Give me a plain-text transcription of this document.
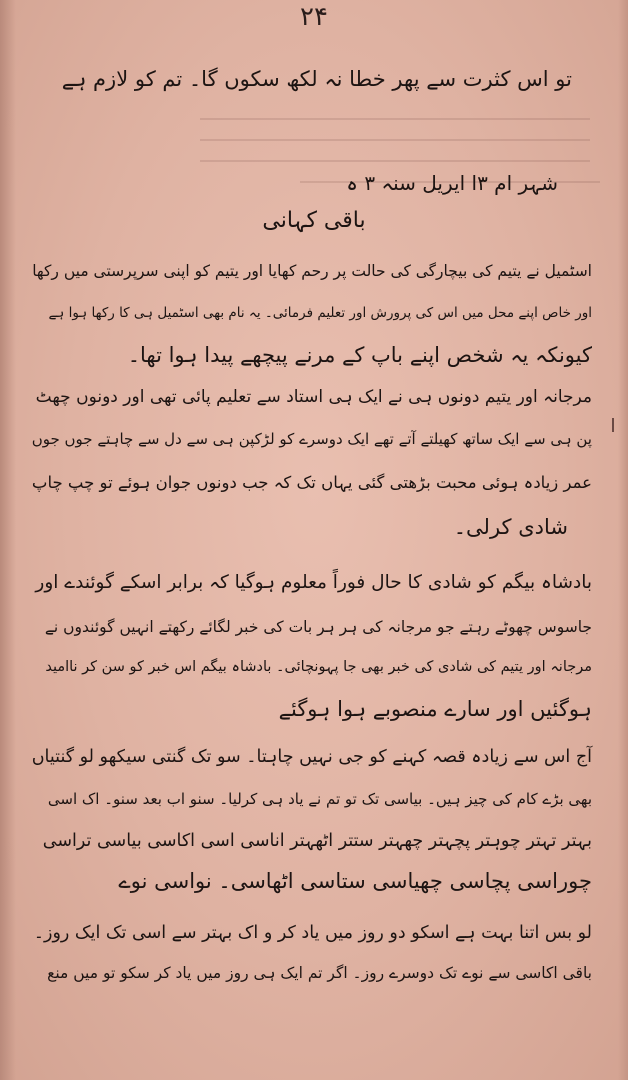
۲۴
تو اس کثرت سے پھر خطا نہ لکھ سکوں گا۔ تم کو لازم ہے
شہر ام ۳ا ایریل سنہ ۳ ہ
باقی کہانی
اسٹمیل نے یتیم کی بیچارگی کی حالت پر رحم کھایا اور یتیم کو اپنی سرپرستی میں رکھا
اور خاص اپنے محل میں اس کی پرورش اور تعلیم فرمائی۔ یہ نام بھی اسٹمیل ہی کا رکھا ہوا ہے
کیونکہ یہ شخص اپنے باپ کے مرنے پیچھے پیدا ہوا تھا۔
مرجانہ اور یتیم دونوں ہی نے ایک ہی استاد سے تعلیم پائی تھی اور دونوں چھٹ
پن ہی سے ایک ساتھ کھیلتے آتے تھے ایک دوسرے کو لڑکپن ہی سے دل سے چاہتے جوں جوں
عمر زیادہ ہوئی محبت بڑھتی گئی یہاں تک کہ جب دونوں جوان ہوئے تو چپ چاپ
شادی کرلی۔
بادشاہ بیگم کو شادی کا حال فوراً معلوم ہوگیا کہ برابر اسکے گوئندے اور
جاسوس چھوٹے رہتے جو مرجانہ کی ہر ہر بات کی خبر لگائے رکھتے انہیں گوئندوں نے
مرجانہ اور یتیم کی شادی کی خبر بھی جا پہونچائی۔ بادشاہ بیگم اس خبر کو سن کر ناامید
ہوگئیں اور سارے منصوبے ہوا ہوگئے
آج اس سے زیادہ قصہ کہنے کو جی نہیں چاہتا۔ سو تک گنتی سیکھو لو گنتیاں
بھی بڑے کام کی چیز ہیں۔ بیاسی تک تو تم نے یاد ہی کرلیا۔ سنو اب بعد سنو۔ اک اسی
بہتر تہتر چوہتر پچہتر چھہتر ستتر اٹھہتر اناسی اسی اکاسی بیاسی تراسی
چوراسی پچاسی چھیاسی ستاسی اٹھاسی۔ نواسی نوے
لو بس اتنا بہت ہے اسکو دو روز میں یاد کر و اک بہتر سے اسی تک ایک روز۔
باقی اکاسی سے نوے تک دوسرے روز۔ اگر تم ایک ہی روز میں یاد کر سکو تو میں منع
